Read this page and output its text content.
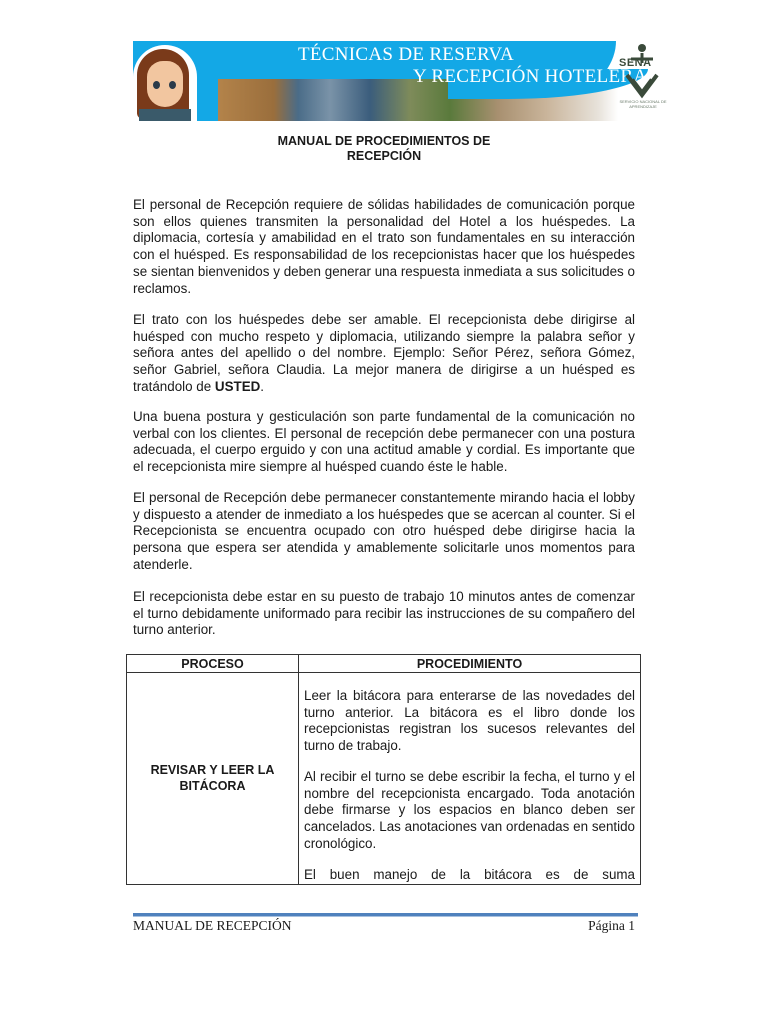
TÉCNICAS DE RESERVA
Y RECEPCIÓN HOTELERA
SENA
SERVICIO NACIONAL DE APRENDIZAJE
MANUAL DE PROCEDIMIENTOS DE
RECEPCIÓN
El personal de Recepción requiere de sólidas habilidades de comunicación porque son ellos quienes transmiten la personalidad del Hotel a los huéspedes. La diplomacia, cortesía y amabilidad en el trato son fundamentales en su interacción con el huésped. Es responsabilidad de los recepcionistas hacer que los huéspedes se sientan bienvenidos y deben generar una respuesta inmediata a sus solicitudes o reclamos.
El trato con los huéspedes debe ser amable. El recepcionista debe dirigirse al huésped con mucho respeto y diplomacia, utilizando siempre la palabra señor y señora antes del apellido o del nombre. Ejemplo: Señor Pérez, señora Gómez, señor Gabriel, señora Claudia. La mejor manera de dirigirse a un huésped es tratándolo de USTED.
Una buena postura y gesticulación son parte fundamental de la comunicación no verbal con los clientes. El personal de recepción debe permanecer con una postura adecuada, el cuerpo erguido y con una actitud amable y cordial. Es importante que el recepcionista mire siempre al huésped cuando éste le hable.
El personal de Recepción debe permanecer constantemente mirando hacia el lobby y dispuesto a atender de inmediato a los huéspedes que se acercan al counter. Si el Recepcionista se encuentra ocupado con otro huésped debe dirigirse hacia la persona que espera ser atendida y amablemente solicitarle unos momentos para atenderle.
El recepcionista debe estar en su puesto de trabajo 10 minutos antes de comenzar el turno debidamente uniformado para recibir las instrucciones de su compañero del turno anterior.
PROCESO	PROCEDIMIENTO
REVISAR Y LEER LA BITÁCORA
Leer la bitácora para enterarse de las novedades del turno anterior. La bitácora es el libro donde los recepcionistas registran los sucesos relevantes del turno de trabajo.
Al recibir el turno se debe escribir la fecha, el turno y el nombre del recepcionista encargado. Toda anotación debe firmarse y los espacios en blanco deben ser cancelados. Las anotaciones van ordenadas en sentido cronológico.
El buen manejo de la bitácora es de suma
MANUAL DE RECEPCIÓN	Página 1
